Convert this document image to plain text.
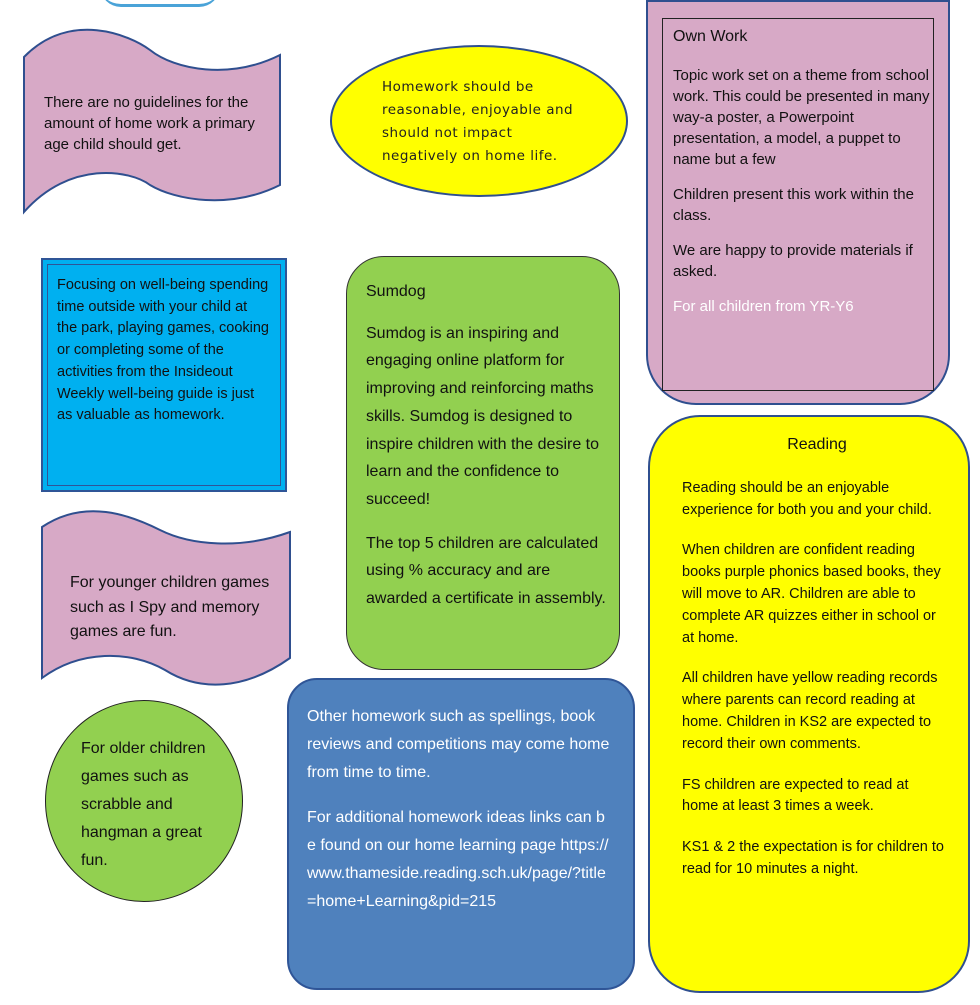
There are no guidelines for the amount of home work a primary age child should get.
Homework should be reasonable, enjoyable and should not impact negatively on home life.

Own Work

Topic work set on a theme from school work. This could be presented in many way-a poster, a Powerpoint presentation, a model, a puppet to name but a few

Children present this work within the class.

We are happy to provide materials if asked.

For all children from YR-Y6

Focusing on well-being spending time outside with your child at the park, playing games, cooking or completing some of the activities from the Insideout Weekly well-being guide is just as valuable as homework.

Sumdog

Sumdog is an inspiring and engaging online platform for improving and reinforcing maths skills. Sumdog is designed to inspire children with the desire to learn and the confidence to succeed!

The top 5 children are calculated using % accuracy and are awarded a certificate in assembly.

Reading

Reading should be an enjoyable experience for both you and your child.

When children are confident reading books purple phonics based books, they will move to AR. Children are able to complete AR quizzes either in school or at home.

All children have yellow reading records where parents can record reading at home. Children in KS2 are expected to record their own comments.

FS children are expected to read at home at least 3 times a week.

KS1 & 2 the expectation is for children to read for 10 minutes a night.

For younger children games such as I Spy and memory games are fun.

Other homework such as spellings, book reviews and competitions may come home from time to time.

For additional homework ideas links can be found on our home learning page https://www.thameside.reading.sch.uk/page/?title=home+Learning&pid=215

For older children games such as scrabble and hangman a great fun.
